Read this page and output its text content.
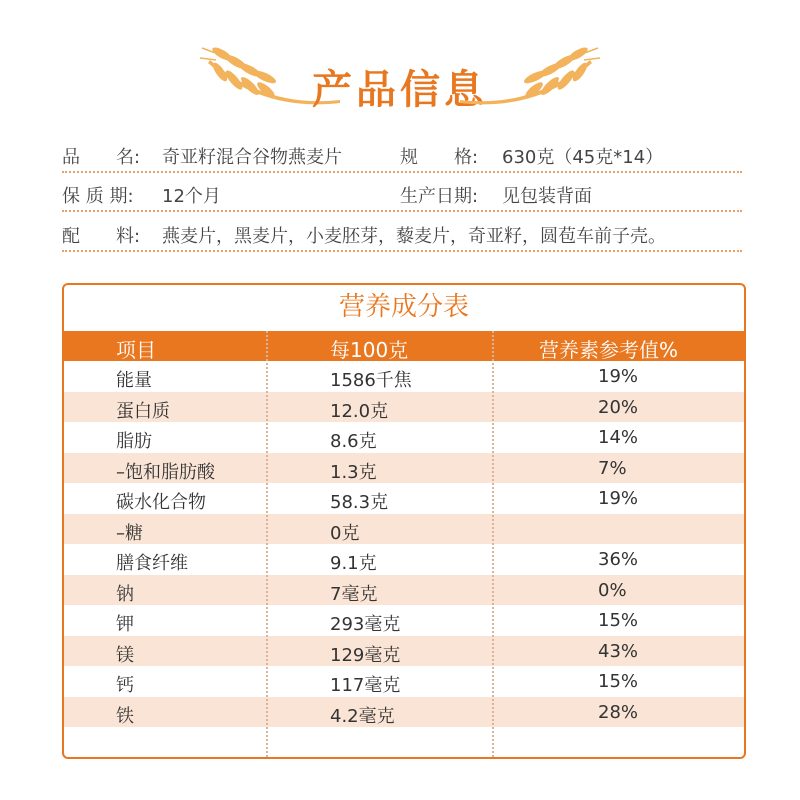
产品信息
品　　名: 奇亚籽混合谷物燕麦片	规　　格: 630克（45克*14）
保 质 期: 12个月	生产日期: 见包装背面
配　　料: 燕麦片，黑麦片，小麦胚芽，藜麦片，奇亚籽，圆苞车前子壳。
营养成分表
项目	每100克	营养素参考值%
能量	1586千焦	19%
蛋白质	12.0克	20%
脂肪	8.6克	14%
–饱和脂肪酸	1.3克	7%
碳水化合物	58.3克	19%
–糖	0克
膳食纤维	9.1克	36%
钠	7毫克	0%
钾	293毫克	15%
镁	129毫克	43%
钙	117毫克	15%
铁	4.2毫克	28%
